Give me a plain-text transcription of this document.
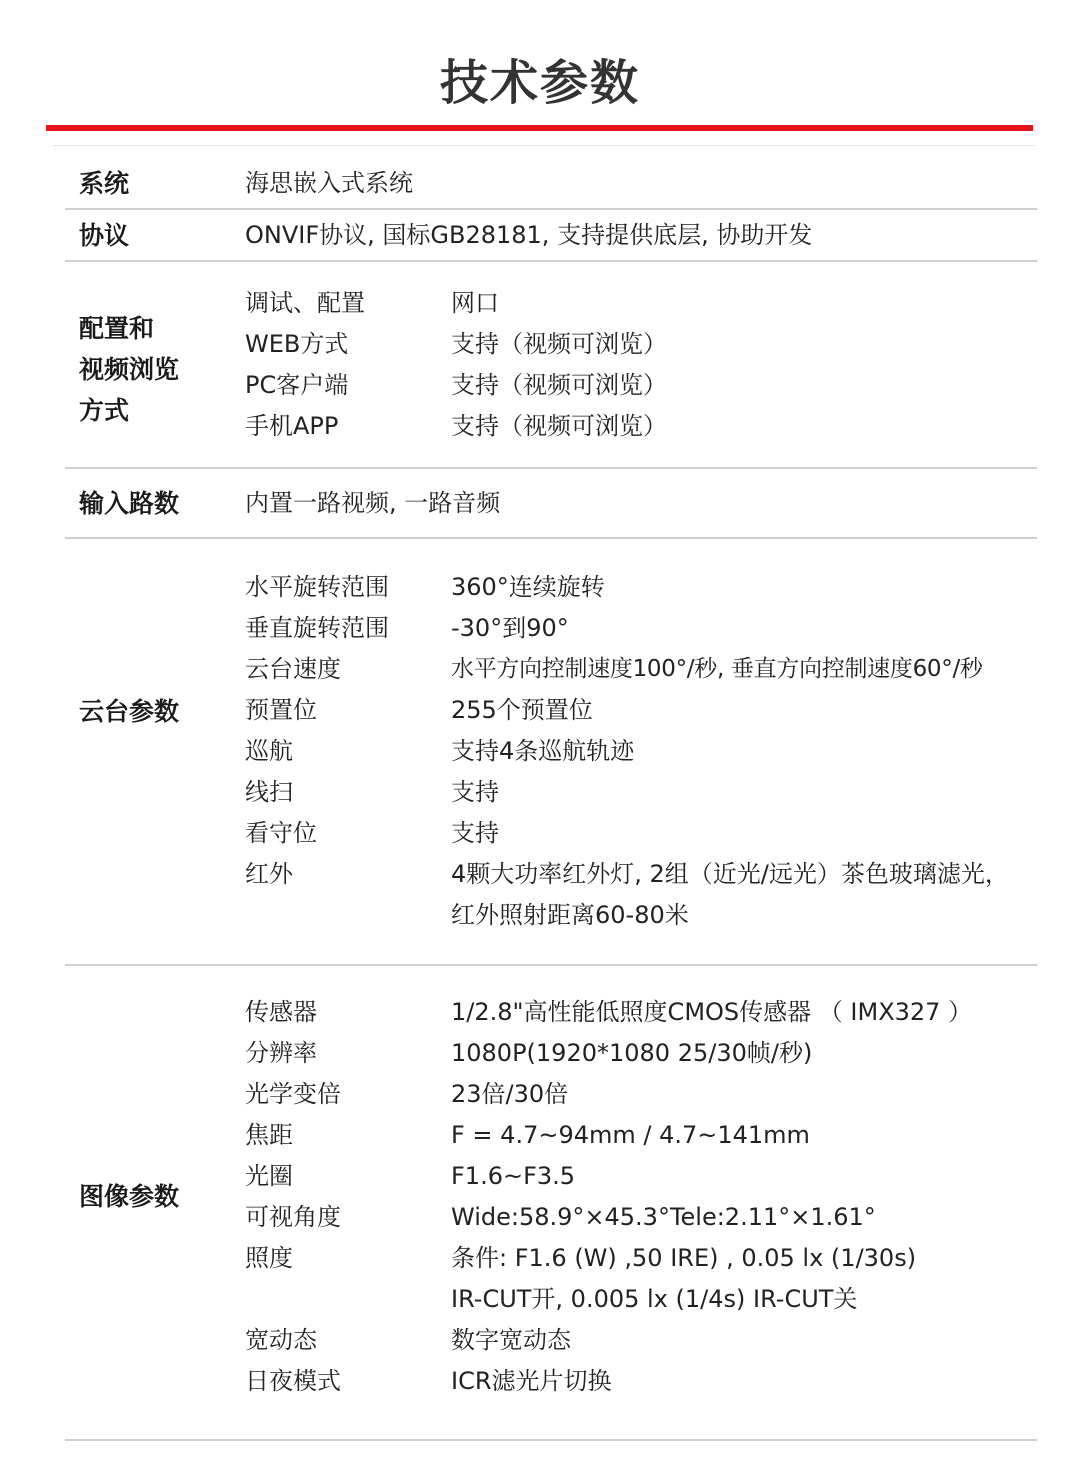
技术参数
系统	海思嵌入式系统
协议	ONVIF协议, 国标GB28181, 支持提供底层, 协助开发
配置和
视频浏览
方式
调试、配置	网口
WEB方式	支持（视频可浏览）
PC客户端	支持（视频可浏览）
手机APP	支持（视频可浏览）
输入路数	内置一路视频, 一路音频
云台参数
水平旋转范围	360°连续旋转
垂直旋转范围	-30°到90°
云台速度	水平方向控制速度100°/秒, 垂直方向控制速度60°/秒
预置位	255个预置位
巡航	支持4条巡航轨迹
线扫	支持
看守位	支持
红外	4颗大功率红外灯, 2组（近光/远光）茶色玻璃滤光，
红外照射距离60-80米
图像参数
传感器	1/2.8"高性能低照度CMOS传感器 （ IMX327 ）
分辨率	1080P(1920*1080 25/30帧/秒)
光学变倍	23倍/30倍
焦距	F = 4.7~94mm / 4.7~141mm
光圈	F1.6~F3.5
可视角度	Wide:58.9°×45.3°Tele:2.11°×1.61°
照度	条件: F1.6 (W) ,50 IRE) , 0.05 lx (1/30s)
IR-CUT开, 0.005 lx (1/4s) IR-CUT关
宽动态	数字宽动态
日夜模式	ICR滤光片切换
